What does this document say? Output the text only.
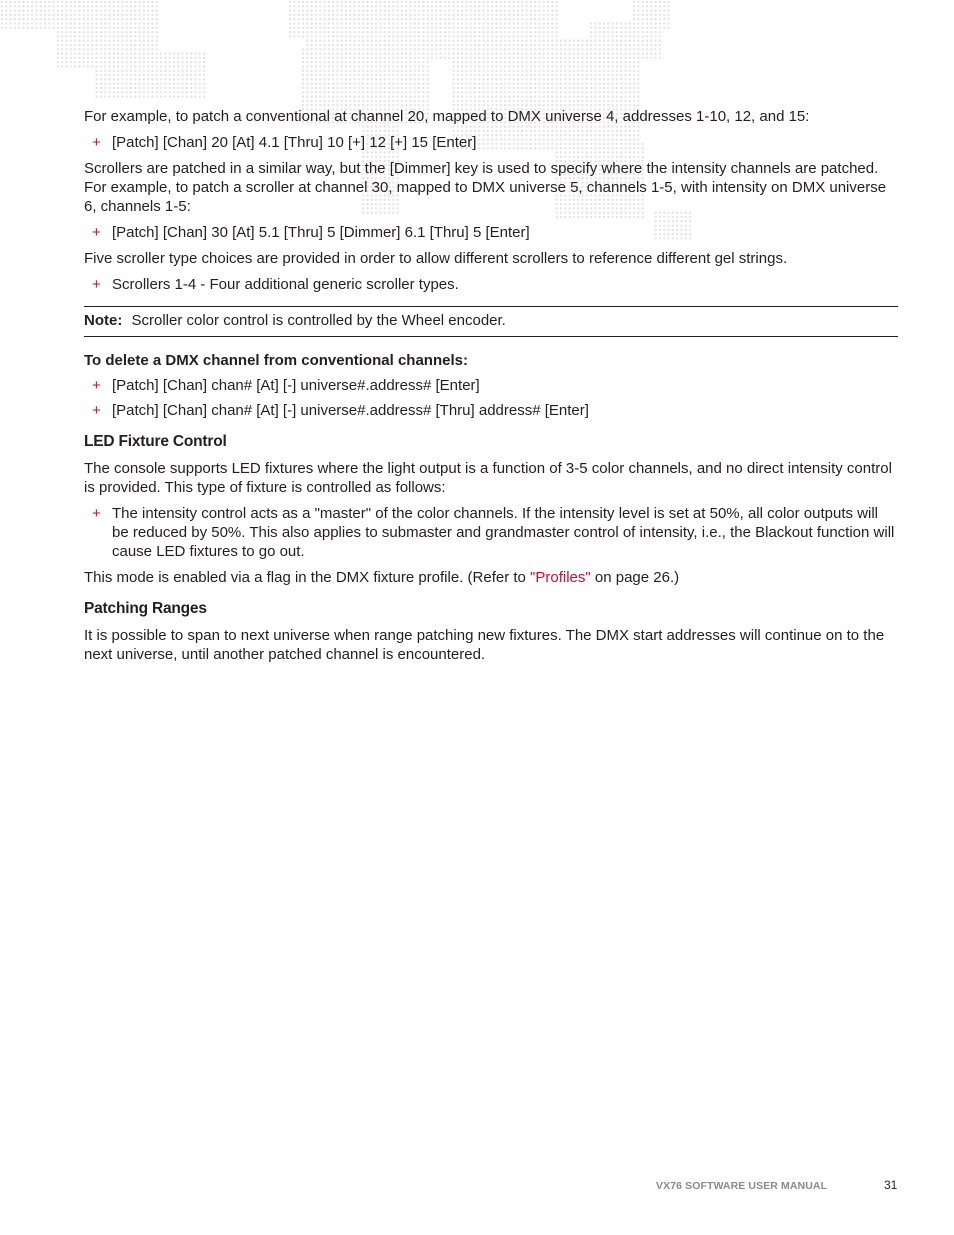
For example, to patch a conventional at channel 20, mapped to DMX universe 4, addresses 1-10, 12, and 15:

+ [Patch] [Chan] 20 [At] 4.1 [Thru] 10 [+] 12 [+] 15 [Enter]

Scrollers are patched in a similar way, but the [Dimmer] key is used to specify where the intensity channels are patched. For example, to patch a scroller at channel 30, mapped to DMX universe 5, channels 1-5, with intensity on DMX universe 6, channels 1-5:

+ [Patch] [Chan] 30 [At] 5.1 [Thru] 5 [Dimmer] 6.1 [Thru] 5 [Enter]

Five scroller type choices are provided in order to allow different scrollers to reference different gel strings.

+ Scrollers 1-4 - Four additional generic scroller types.
Note: Scroller color control is controlled by the Wheel encoder.
To delete a DMX channel from conventional channels:
+ [Patch] [Chan] chan# [At] [-] universe#.address# [Enter]
+ [Patch] [Chan] chan# [At] [-] universe#.address# [Thru] address# [Enter]
LED Fixture Control

The console supports LED fixtures where the light output is a function of 3-5 color channels, and no direct intensity control is provided. This type of fixture is controlled as follows:

+ The intensity control acts as a "master" of the color channels. If the intensity level is set at 50%, all color outputs will be reduced by 50%. This also applies to submaster and grandmaster control of intensity, i.e., the Blackout function will cause LED fixtures to go out.

This mode is enabled via a flag in the DMX fixture profile. (Refer to "Profiles" on page 26.)

Patching Ranges

It is possible to span to next universe when range patching new fixtures. The DMX start addresses will continue on to the next universe, until another patched channel is encountered.

VX76 SOFTWARE USER MANUAL	31
